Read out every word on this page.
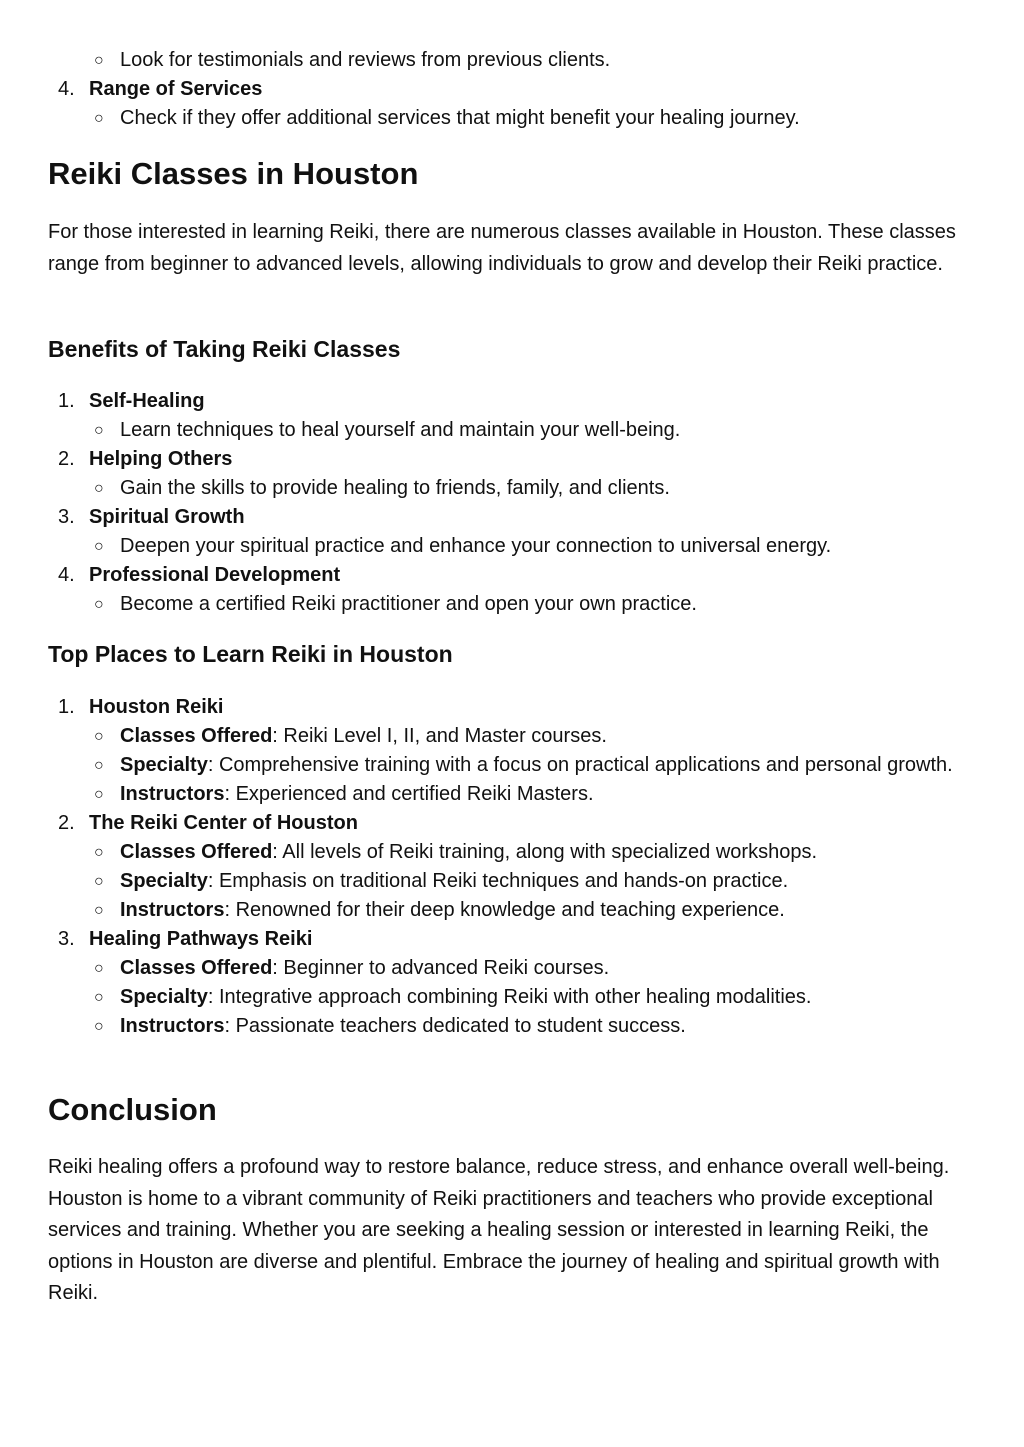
○ Look for testimonials and reviews from previous clients.
4. Range of Services
○ Check if they offer additional services that might benefit your healing journey.
Reiki Classes in Houston

For those interested in learning Reiki, there are numerous classes available in Houston. These classes range from beginner to advanced levels, allowing individuals to grow and develop their Reiki practice.

Benefits of Taking Reiki Classes
1. Self-Healing
○ Learn techniques to heal yourself and maintain your well-being.
2. Helping Others
○ Gain the skills to provide healing to friends, family, and clients.
3. Spiritual Growth
○ Deepen your spiritual practice and enhance your connection to universal energy.
4. Professional Development
○ Become a certified Reiki practitioner and open your own practice.
Top Places to Learn Reiki in Houston
1. Houston Reiki
○ Classes Offered: Reiki Level I, II, and Master courses.
○ Specialty: Comprehensive training with a focus on practical applications and personal growth.
○ Instructors: Experienced and certified Reiki Masters.
2. The Reiki Center of Houston
○ Classes Offered: All levels of Reiki training, along with specialized workshops.
○ Specialty: Emphasis on traditional Reiki techniques and hands-on practice.
○ Instructors: Renowned for their deep knowledge and teaching experience.
3. Healing Pathways Reiki
○ Classes Offered: Beginner to advanced Reiki courses.
○ Specialty: Integrative approach combining Reiki with other healing modalities.
○ Instructors: Passionate teachers dedicated to student success.
Conclusion

Reiki healing offers a profound way to restore balance, reduce stress, and enhance overall well-being. Houston is home to a vibrant community of Reiki practitioners and teachers who provide exceptional services and training. Whether you are seeking a healing session or interested in learning Reiki, the options in Houston are diverse and plentiful. Embrace the journey of healing and spiritual growth with Reiki.
